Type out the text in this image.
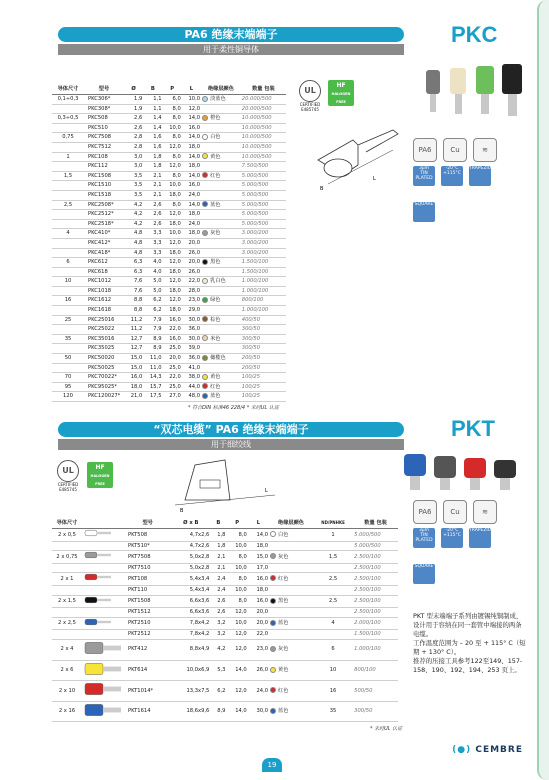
PA6 绝缘末端端子
用于柔性铜导体
PKC
UL
CERTIFIED
E485745
HF
HALOGEN FREE
B
L
PA6	Cu	≋
3μm
TIN PLATED
-20°C
+115°C
TRAPEZIUM
SQUARE
导体尺寸	型号	Ø	B	P	L	绝缘层颜色	数量 包装
0,1÷0,3	PKC306*	1,9	1,1	6,0	10,0	淡蓝色	20.000/500
	PKC308*	1,9	1,1	8,0	12,0		20.000/500
0,3÷0,5	PKC508	2,6	1,4	8,0	14,0	橙色	10.000/500
	PKC510	2,6	1,4	10,0	16,0		10.000/500
0,75	PKC7508	2,8	1,6	8,0	14,0	白色	10.000/500
	PKC7512	2,8	1,6	12,0	18,0		10.000/500
1	PKC108	3,0	1,8	8,0	14,0	黄色	10.000/500
	PKC112	3,0	1,8	12,0	18,0		7.500/500
1,5	PKC1508	3,5	2,1	8,0	14,0	红色	5.000/500
	PKC1510	3,5	2,1	10,0	16,0		5.000/500
	PKC1518	3,5	2,1	18,0	24,0		5.000/500
2,5	PKC2508*	4,2	2,6	8,0	14,0	蓝色	5.000/500
	PKC2512*	4,2	2,6	12,0	18,0		5.000/500
	PKC2518*	4,2	2,6	18,0	24,0		5.000/500
4	PKC410*	4,8	3,3	10,0	18,0	灰色	3.000/200
	PKC412*	4,8	3,3	12,0	20,0		3.000/200
	PKC418*	4,8	3,3	18,0	26,0		3.000/200
6	PKC612	6,3	4,0	12,0	20,0	黑色	1.500/100
	PKC618	6,3	4,0	18,0	26,0		1.500/100
10	PKC1012	7,6	5,0	12,0	22,0	乳白色	1.000/100
	PKC1018	7,6	5,0	18,0	28,0		1.000/100
16	PKC1612	8,8	6,2	12,0	23,0	绿色	800/100
	PKC1618	8,8	6,2	18,0	29,0		1.000/100
25	PKC25016	11,2	7,9	16,0	30,0	棕色	400/50
	PKC25022	11,2	7,9	22,0	36,0		300/50
35	PKC35016	12,7	8,9	16,0	30,0	米色	300/50
	PKC35025	12,7	8,9	25,0	39,0		300/50
50	PKC50020	15,0	11,0	20,0	36,0	橄榄色	200/50
	PKC50025	15,0	11,0	25,0	41,0		200/50
70	PKC70022*	16,0	14,3	22,0	38,0	黄色	100/25
95	PKC95025*	18,0	15,7	25,0	44,0	红色	100/25
120	PKC120027*	21,0	17,5	27,0	48,0	蓝色	100/25
* 符合DIN 标准46 228/4 * 未经UL 认证
“双芯电缆” PA6 绝缘末端端子
用于细绞线
PKT
UL
CERTIFIED
E485745
HF
HALOGEN FREE
B
L
PA6	Cu	≋
3μm
TIN PLATED
-20°C
+115°C
TRAPEZIUM
SQUARE
PKT 型末端端子系列由镀锡纯铜制成，设计用于容纳在同一套管中端接的两条电缆。
工作温度范围为 – 20 至 + 115° C（短期 + 130° C）。
推荐的压接工具参考122至149、157-158、190、192、194、253 页上。
导体尺寸		型号	Ø x B	B	P	L	绝缘层颜色	ND/PNHKE	数量 包装
2 x 0,5		PKT508	4,7x2,6	1,8	8,0	14,0	白色	1	5.000/500
		PKT510*	4,7x2,6	1,8	10,0	18,0			5.000/500
2 x 0,75		PKT7508	5,0x2,8	2,1	8,0	15,0	灰色	1,5	2.500/100
		PKT7510	5,0x2,8	2,1	10,0	17,0			2.500/100
2 x 1		PKT108	5,4x3,4	2,4	8,0	16,0	红色	2,5	2.500/100
		PKT110	5,4x3,4	2,4	10,0	18,0			2.500/100
2 x 1,5		PKT1508	6,6x3,6	2,6	8,0	16,0	黑色	2,5	2.500/100
		PKT1512	6,6x3,6	2,6	12,0	20,0			2.500/100
2 x 2,5		PKT2510	7,8x4,2	3,2	10,0	20,0	蓝色	4	2.000/100
		PKT2512	7,8x4,2	3,2	12,0	22,0			1.500/100
2 x 4		PKT412	8,8x4,9	4,2	12,0	23,0	灰色	6	1.000/100
2 x 6		PKT614	10,0x6,9	5,3	14,0	26,0	黄色	10	800/100
2 x 10		PKT1014*	13,3x7,5	6,2	12,0	24,0	红色	16	500/50
2 x 16		PKT1614	18,6x9,6	8,9	14,0	30,0	蓝色	35	300/50
* 未经UL 认证
19
(●) CEMBRE
